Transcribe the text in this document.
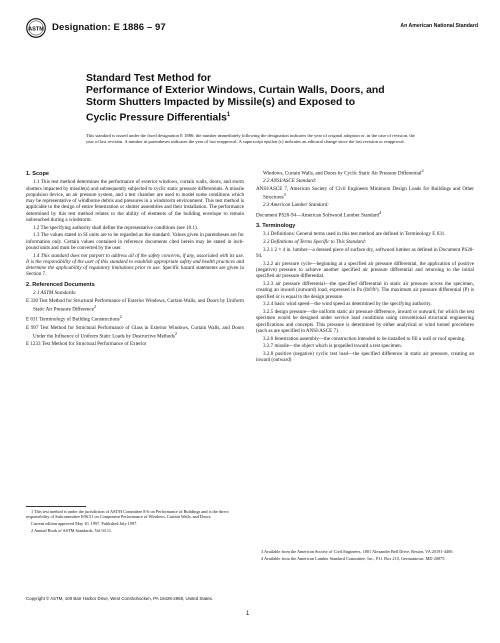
ASTM Designation: E 1886 – 97	An American National Standard
Standard Test Method for
Performance of Exterior Windows, Curtain Walls, Doors, and
Storm Shutters Impacted by Missile(s) and Exposed to
Cyclic Pressure Differentials$^1$
This standard is issued under the fixed designation E 1886; the number immediately following the designation indicates the year of original adoption or, in the case of revision, the year of last revision. A number in parentheses indicates the year of last reapproval. A superscript epsilon (ε) indicates an editorial change since the last revision or reapproval.
1. Scope
1.1 This test method determines the performance of exterior windows, curtain walls, doors, and storm shutters impacted by missile(s) and subsequently subjected to cyclic static pressure differentials. A missile propulsion device, an air pressure system, and a test chamber are used to model some conditions which may be representative of windborne debris and pressures in a windstorm environment. This test method is applicable to the design of entire fenestration or shutter assemblies and their installation. The performance determined by this test method relates to the ability of elements of the building envelope to remain unbreached during a windstorm.
1.2 The specifying authority shall define the representative conditions (see 10.1).
1.3 The values stated in SI units are to be regarded as the standard. Values given in parentheses are for information only. Certain values contained in reference documents cited herein may be stated in inch-pound units and must be converted by the user.
1.4 This standard does not purport to address all of the safety concerns, if any, associated with its use. It is the responsibility of the user of this standard to establish appropriate safety and health practices and determine the applicability of regulatory limitations prior to use. Specific hazard statements are given in Section 7.
2. Referenced Documents
2.1 ASTM Standards:
E 330 Test Method for Structural Performance of Exterior Windows, Curtain Walls, and Doors by Uniform Static Air Pressure Difference$^2$
E 631 Terminology of Building Constructions$^2$
E 997 Test Method for Structural Performance of Glass in Exterior Windows, Curtain Walls, and Doors Under the Influence of Uniform Static Loads by Destructive Methods$^2$
E 1233 Test Method for Structural Performance of Exterior
Windows, Curtain Walls, and Doors by Cyclic Static Air Pressure Differential$^2$
2.2 ANSI/ASCE Standard:
ANSI/ASCE 7, American Society of Civil Engineers Minimum Design Loads for Buildings and Other Structures$^3$
2.3 American Lumber Standard:
Document PS20-94—American Softwood Lumber Standard$^4$
3. Terminology
3.1 Definitions: General terms used in this test method are defined in Terminology E 631.
3.2 Definitions of Terms Specific to This Standard:
3.2.1 2 × 4 in. lumber—a dressed piece of surface dry, softwood lumber as defined in Document PS20-94.
3.2.2 air pressure cycle—beginning at a specified air pressure differential, the application of positive (negative) pressure to achieve another specified air pressure differential and returning to the initial specified air pressure differential.
3.2.3 air pressure differential—the specified differential in static air pressure across the specimen, creating an inward (outward) load, expressed in Pa (lbf/ft²). The maximum air pressure differential (P) is specified or is equal to the design pressure.
3.2.4 basic wind speed—the wind speed as determined by the specifying authority.
3.2.5 design pressure—the uniform static air pressure difference, inward or outward, for which the test specimen would be designed under service load conditions using conventional structural engineering specifications and concepts. This pressure is determined by either analytical or wind tunnel procedures (such as are specified in ANSI/ASCE 7).
3.2.6 fenestration assembly—the construction intended to be installed to fill a wall or roof opening.
3.2.7 missile—the object which is propelled toward a test specimen.
3.2.8 positive (negative) cyclic test load—the specified difference in static air pressure, creating an inward (outward)
1 This test method is under the jurisdiction of ASTM Committee E-6 on Performance of Buildings and is the direct responsibility of Subcommittee E06.51 on Component Performance of Windows, Curtain Walls, and Doors.
Current edition approved May 10, 1997. Published July 1997.
2 Annual Book of ASTM Standards, Vol 04.11.
3 Available from the American Society of Civil Engineers, 1801 Alexander Bell Drive, Reston, VA 20191-4400.
4 Available from the American Lumber Standard Committee, Inc., P.O. Box 210, Germantown, MD 20875.
Copyright © ASTM, 100 Barr Harbor Drive, West Conshohocken, PA 19428-2959, United States.
1
